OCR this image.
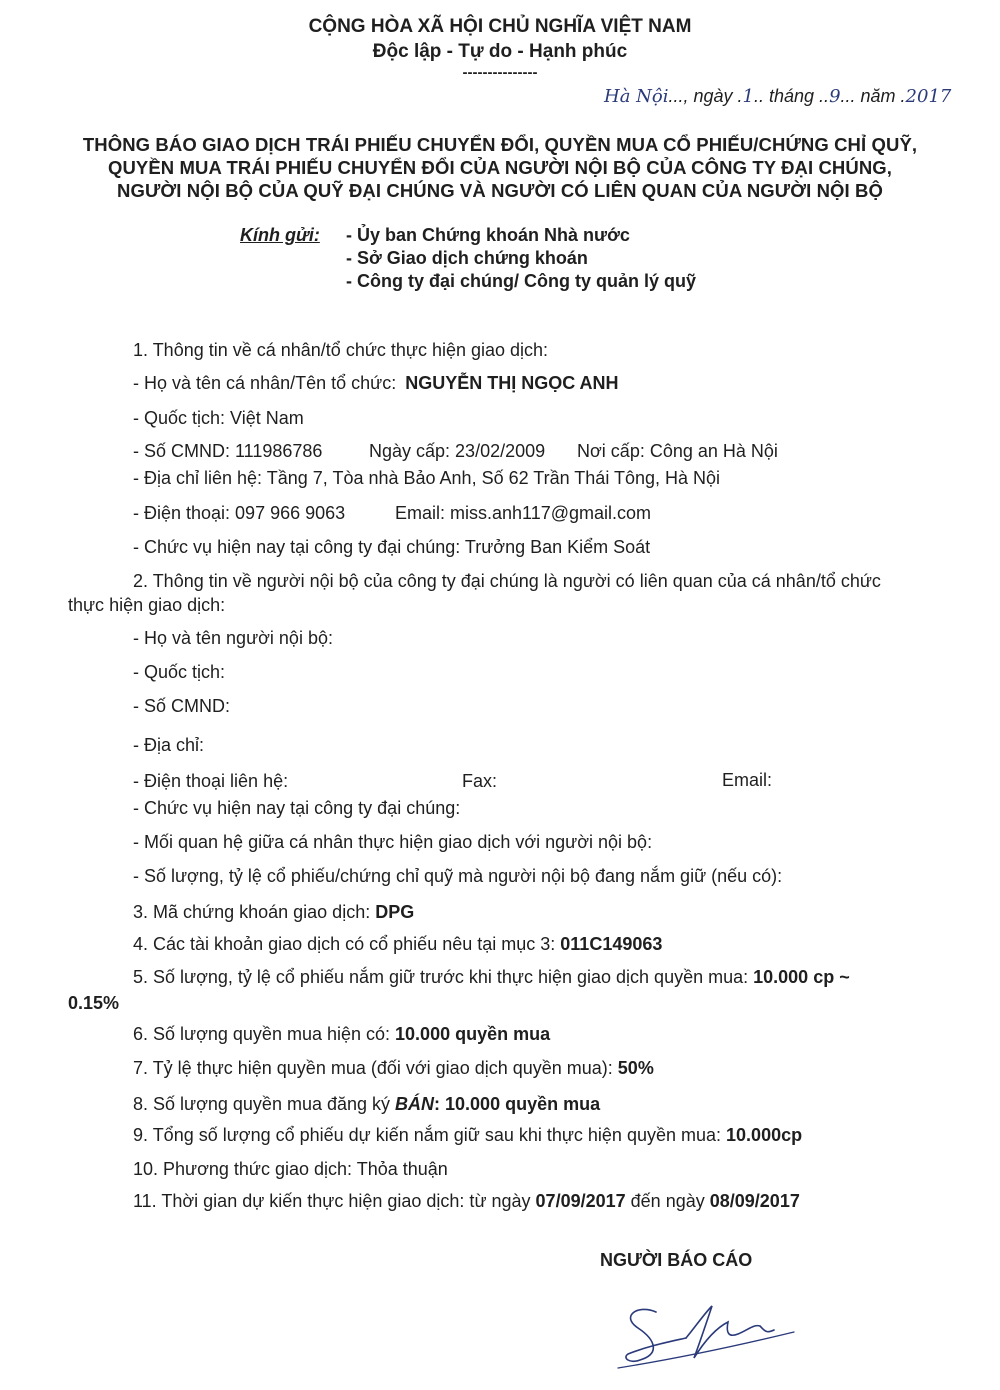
CỘNG HÒA XÃ HỘI CHỦ NGHĨA VIỆT NAM
Độc lập - Tự do - Hạnh phúc
---------------
Hà Nội..., ngày .1.. tháng ..9... năm .2017
THÔNG BÁO GIAO DỊCH TRÁI PHIẾU CHUYỂN ĐỔI, QUYỀN MUA CỔ PHIẾU/CHỨNG CHỈ QUỸ,
QUYỀN MUA TRÁI PHIẾU CHUYỂN ĐỔI CỦA NGƯỜI NỘI BỘ CỦA CÔNG TY ĐẠI CHÚNG,
NGƯỜI NỘI BỘ CỦA QUỸ ĐẠI CHÚNG VÀ NGƯỜI CÓ LIÊN QUAN CỦA NGƯỜI NỘI BỘ
Kính gửi: - Ủy ban Chứng khoán Nhà nước
- Sở Giao dịch chứng khoán
- Công ty đại chúng/ Công ty quản lý quỹ
1. Thông tin về cá nhân/tổ chức thực hiện giao dịch:
- Họ và tên cá nhân/Tên tổ chức: NGUYỄN THỊ NGỌC ANH
- Quốc tịch: Việt Nam
- Số CMND: 111986786	Ngày cấp: 23/02/2009 Nơi cấp: Công an Hà Nội
- Địa chỉ liên hệ: Tầng 7, Tòa nhà Bảo Anh, Số 62 Trần Thái Tông, Hà Nội
- Điện thoại: 097 966 9063	Email: miss.anh117@gmail.com
- Chức vụ hiện nay tại công ty đại chúng: Trưởng Ban Kiểm Soát
2. Thông tin về người nội bộ của công ty đại chúng là người có liên quan của cá nhân/tổ chức
thực hiện giao dịch:
- Họ và tên người nội bộ:
- Quốc tịch:
- Số CMND:
- Địa chỉ:
- Điện thoại liên hệ:	Fax:	Email:
- Chức vụ hiện nay tại công ty đại chúng:
- Mối quan hệ giữa cá nhân thực hiện giao dịch với người nội bộ:
- Số lượng, tỷ lệ cổ phiếu/chứng chỉ quỹ mà người nội bộ đang nắm giữ (nếu có):
3. Mã chứng khoán giao dịch: DPG
4. Các tài khoản giao dịch có cổ phiếu nêu tại mục 3: 011C149063
5. Số lượng, tỷ lệ cổ phiếu nắm giữ trước khi thực hiện giao dịch quyền mua: 10.000 cp ~
0.15%
6. Số lượng quyền mua hiện có: 10.000 quyền mua
7. Tỷ lệ thực hiện quyền mua (đối với giao dịch quyền mua): 50%
8. Số lượng quyền mua đăng ký BÁN: 10.000 quyền mua
9. Tổng số lượng cổ phiếu dự kiến nắm giữ sau khi thực hiện quyền mua: 10.000cp
10. Phương thức giao dịch: Thỏa thuận
11. Thời gian dự kiến thực hiện giao dịch: từ ngày 07/09/2017 đến ngày 08/09/2017
NGƯỜI BÁO CÁO
